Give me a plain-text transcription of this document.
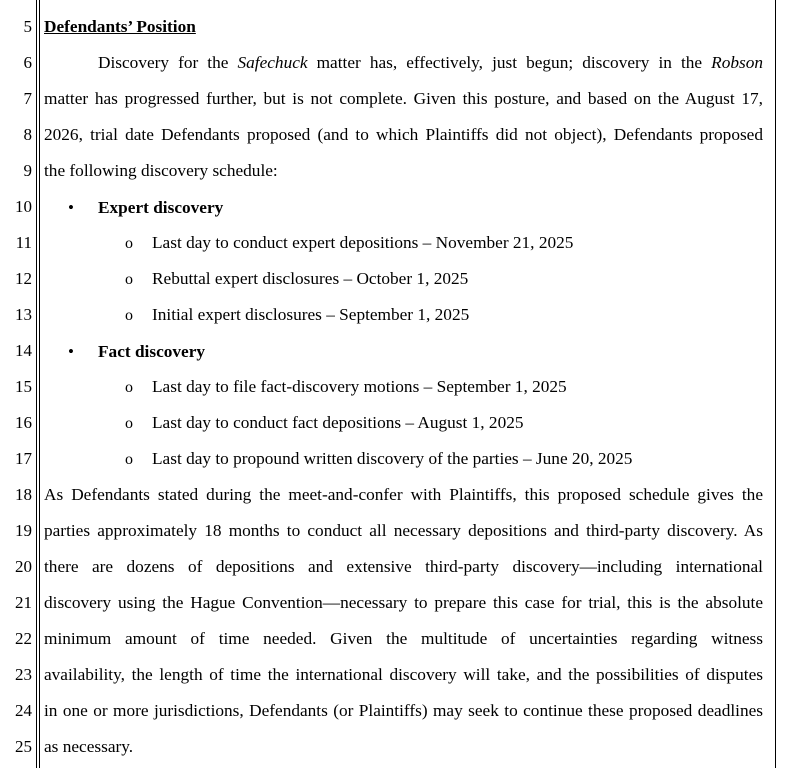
5
6
7
8
9
10
11
12
13
14
15
16
17
18
19
20
21
22
23
24
25
Defendants’ Position
Discovery for the Safechuck matter has, effectively, just begun; discovery in the Robson
matter has progressed further, but is not complete. Given this posture, and based on the August 17,
2026, trial date Defendants proposed (and to which Plaintiffs did not object), Defendants proposed
the following discovery schedule:
• Expert discovery
o Last day to conduct expert depositions – November 21, 2025
o Rebuttal expert disclosures – October 1, 2025
o Initial expert disclosures – September 1, 2025
• Fact discovery
o Last day to file fact-discovery motions – September 1, 2025
o Last day to conduct fact depositions – August 1, 2025
o Last day to propound written discovery of the parties – June 20, 2025
As Defendants stated during the meet-and-confer with Plaintiffs, this proposed schedule gives the
parties approximately 18 months to conduct all necessary depositions and third-party discovery. As
there are dozens of depositions and extensive third-party discovery—including international
discovery using the Hague Convention—necessary to prepare this case for trial, this is the absolute
minimum amount of time needed. Given the multitude of uncertainties regarding witness
availability, the length of time the international discovery will take, and the possibilities of disputes
in one or more jurisdictions, Defendants (or Plaintiffs) may seek to continue these proposed deadlines
as necessary.
